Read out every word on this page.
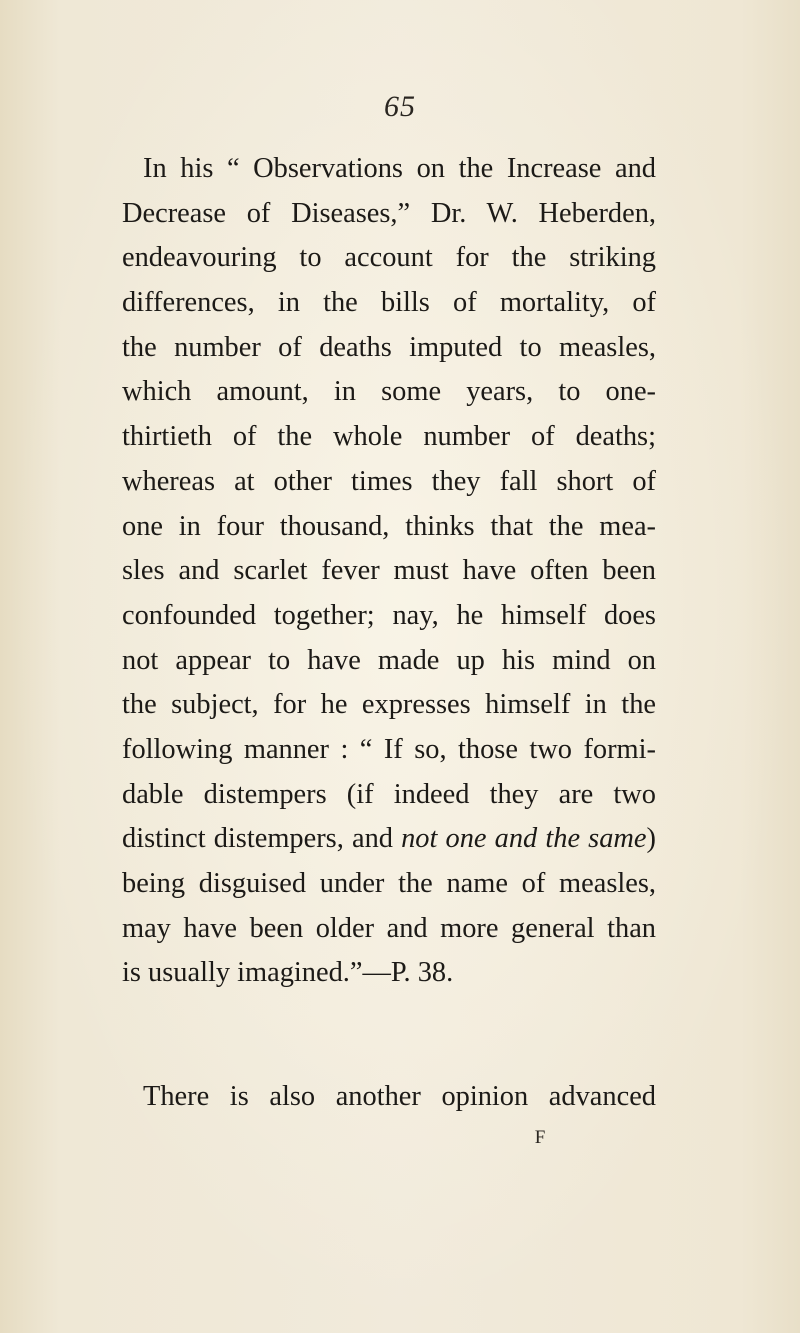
65
In his “ Observations on the Increase and
Decrease of Diseases,” Dr. W. Heberden,
endeavouring to account for the striking
differences, in the bills of mortality, of
the number of deaths imputed to measles,
which amount, in some years, to one-
thirtieth of the whole number of deaths;
whereas at other times they fall short of
one in four thousand, thinks that the mea-
sles and scarlet fever must have often been
confounded together; nay, he himself does
not appear to have made up his mind on
the subject, for he expresses himself in the
following manner : “ If so, those two formi-
dable distempers (if indeed they are two
distinct distempers, and not one and the same)
being disguised under the name of measles,
may have been older and more general than
is usually imagined.”—P. 38.
There is also another opinion advanced
F
